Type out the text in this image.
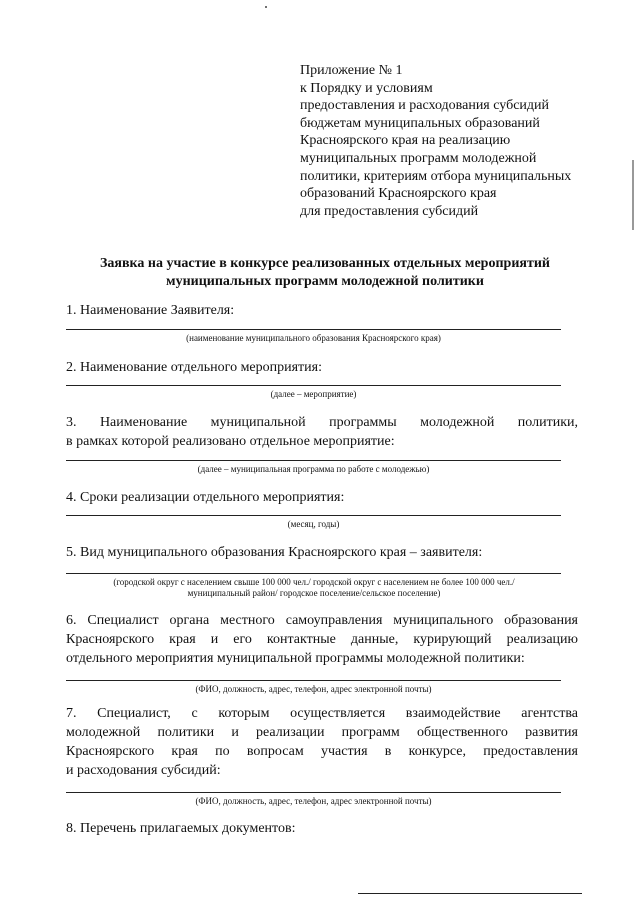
Приложение № 1
к Порядку и условиям
предоставления и расходования субсидий
бюджетам муниципальных образований
Красноярского края на реализацию
муниципальных программ молодежной
политики, критериям отбора муниципальных
образований Красноярского края
для предоставления субсидий
Заявка на участие в конкурсе реализованных отдельных мероприятий
муниципальных программ молодежной политики
1. Наименование Заявителя:
(наименование муниципального образования Красноярского края)
2. Наименование отдельного мероприятия:
(далее – мероприятие)
3. Наименование муниципальной программы молодежной политики,
в рамках которой реализовано отдельное мероприятие:
(далее – муниципальная программа по работе с молодежью)
4. Сроки реализации отдельного мероприятия:
(месяц, годы)
5. Вид муниципального образования Красноярского края – заявителя:
(городской округ с населением свыше 100 000 чел./ городской округ с населением не более 100 000 чел./
муниципальный район/ городское поселение/сельское поселение)
6. Специалист органа местного самоуправления муниципального образования
Красноярского края и его контактные данные, курирующий реализацию
отдельного мероприятия муниципальной программы молодежной политики:
(ФИО, должность, адрес, телефон, адрес электронной почты)
7. Специалист, с которым осуществляется взаимодействие агентства
молодежной политики и реализации программ общественного развития
Красноярского края по вопросам участия в конкурсе, предоставления
и расходования субсидий:
(ФИО, должность, адрес, телефон, адрес электронной почты)
8. Перечень прилагаемых документов:
